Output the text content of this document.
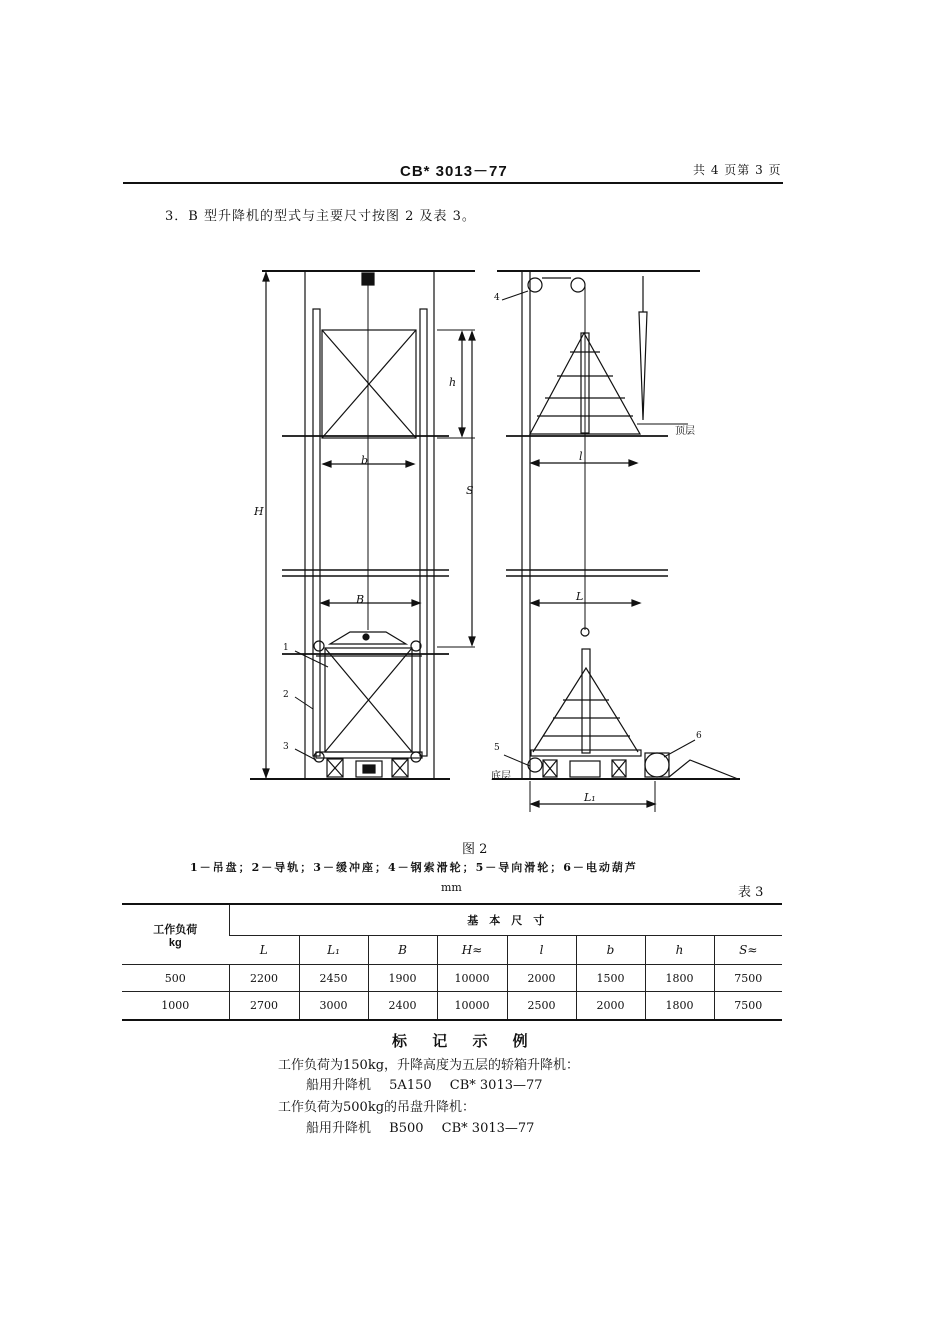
CB* 3013－77	共 4 页第 3 页
3．B 型升降机的型式与主要尺寸按图 2 及表 3。
b
B
h
S
H
1
2
3
l
L
L₁
顶层
底层
4
5
6
图 2
1－吊盘；2－导轨；3－缓冲座；4－钢索滑轮；5－导向滑轮；6－电动葫芦
mm	表 3
工作负荷
kg	基　本　尺　寸							
	L	L₁	B	H≈	l	b	h	S≈
500	2200	2450	1900	10000	2000	1500	1800	7500
1000	2700	3000	2400	10000	2500	2000	1800	7500
标 记 示 例
工作负荷为150kg，升降高度为五层的轿箱升降机：
船用升降机 5A150 CB* 3013—77
工作负荷为500kg的吊盘升降机：
船用升降机 B500 CB* 3013—77
